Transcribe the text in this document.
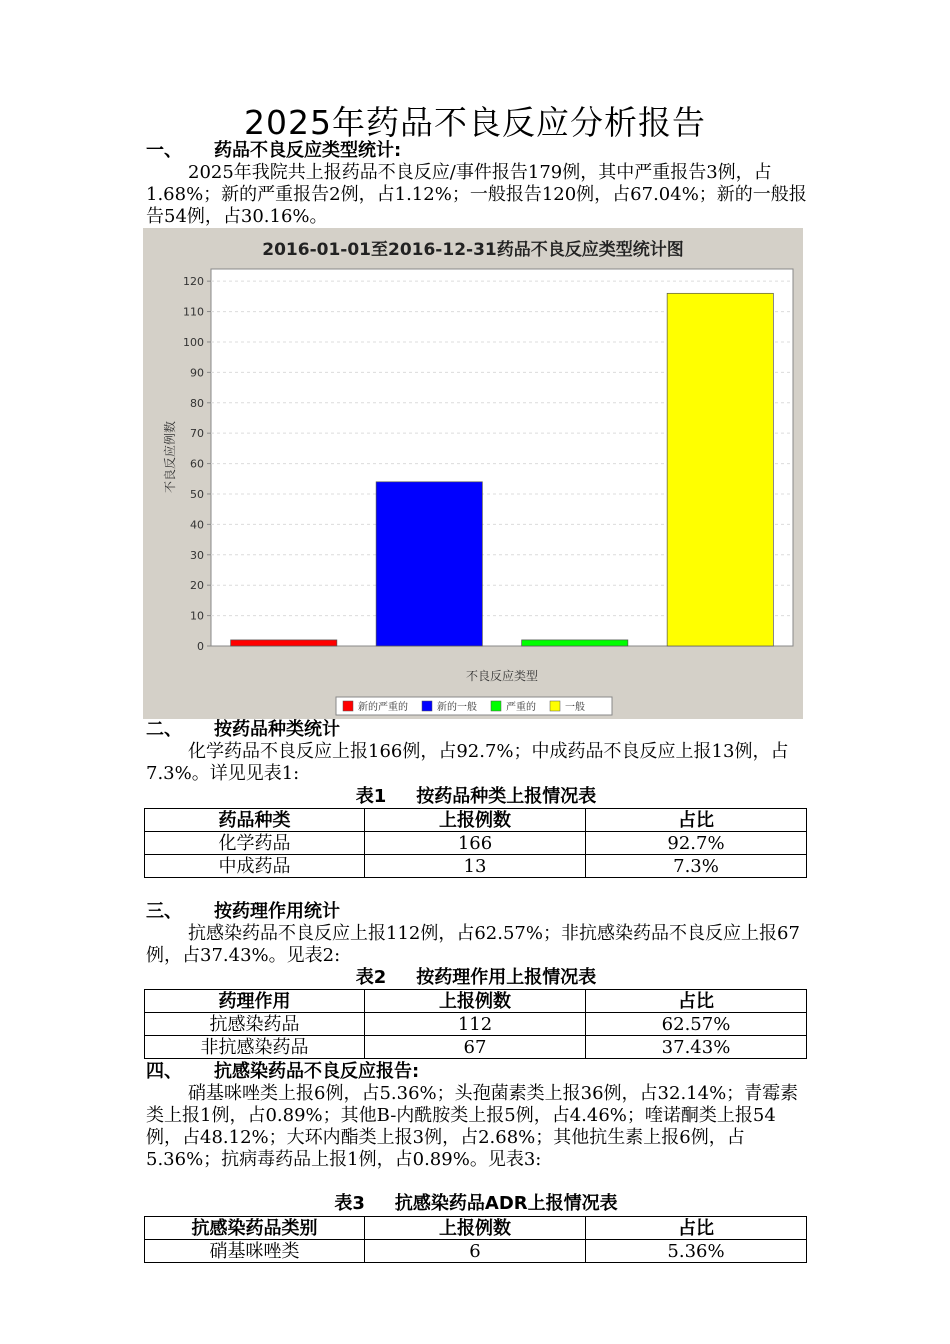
2025年药品不良反应分析报告
一、 药品不良反应类型统计:

2025年我院共上报药品不良反应/事件报告179例，其中严重报告3例，占1.68%；新的严重报告2例，占1.12%；一般报告120例，占67.04%；新的一般报告54例，占30.16%。

2016-01-01至2016-12-31药品不良反应类型统计图
0
10
20
30
40
50
60
70
80
90
100
110
120
不良反应例数
不良反应类型
新的严重的	新的一般	严重的	一般
二、 按药品种类统计

化学药品不良反应上报166例，占92.7%；中成药品不良反应上报13例，占7.3%。详见见表1:

表1 按药品种类上报情况表
药品种类	上报例数	占比
化学药品	166	92.7%
中成药品	13	7.3%
三、 按药理作用统计

抗感染药品不良反应上报112例，占62.57%；非抗感染药品不良反应上报67例，占37.43%。见表2:

表2 按药理作用上报情况表
药理作用	上报例数	占比
抗感染药品	112	62.57%
非抗感染药品	67	37.43%
四、 抗感染药品不良反应报告:

硝基咪唑类上报6例，占5.36%；头孢菌素类上报36例，占32.14%；青霉素类上报1例，占0.89%；其他B-内酰胺类上报5例，占4.46%；喹诺酮类上报54例，占48.12%；大环内酯类上报3例，占2.68%；其他抗生素上报6例，占5.36%；抗病毒药品上报1例，占0.89%。见表3:

表3 抗感染药品ADR上报情况表
抗感染药品类别	上报例数	占比
硝基咪唑类	6	5.36%
